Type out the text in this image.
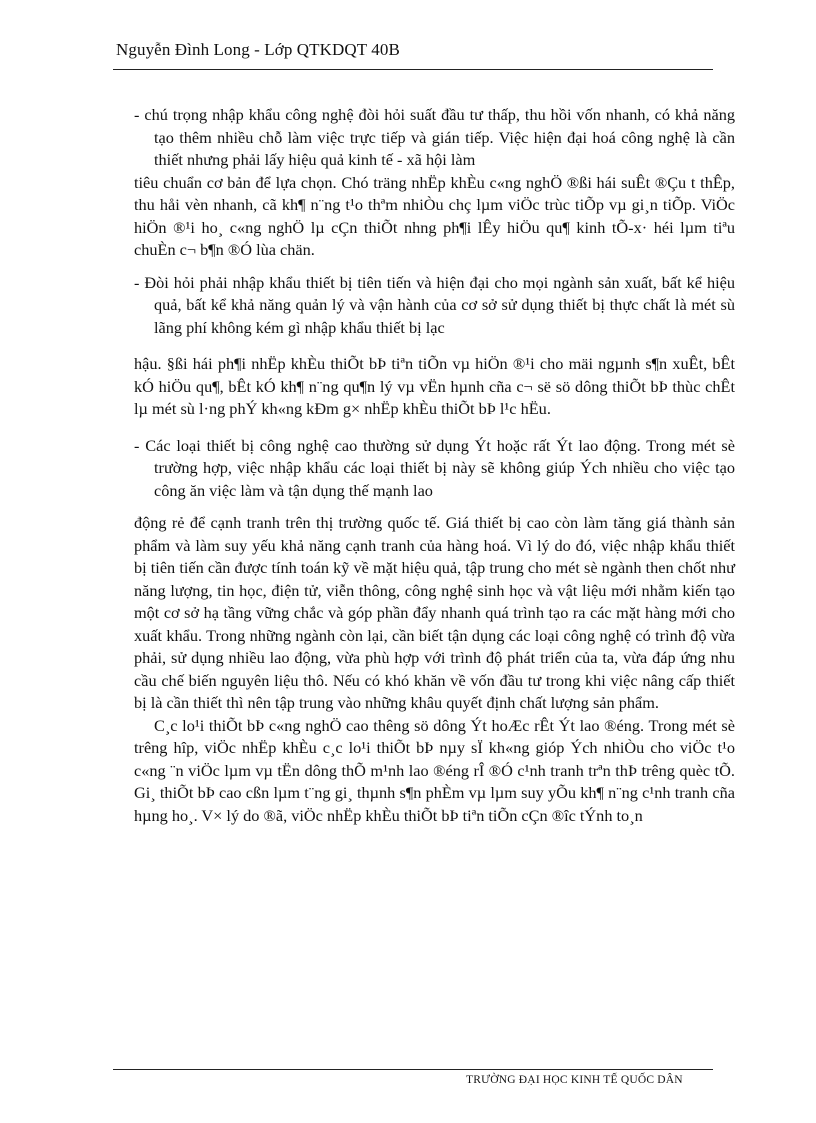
Nguyễn Đình Long - Lớp QTKDQT 40B

- chú trọng nhập khẩu công nghệ đòi hỏi suất đầu tư thấp, thu hồi vốn nhanh, có khả năng tạo thêm nhiều chỗ làm việc trực tiếp và gián tiếp. Việc hiện đại hoá công nghệ là cần thiết nhưng phải lấy hiệu quả kinh tế - xã hội làm

tiêu chuẩn cơ bản để lựa chọn. Chó träng nhËp khÈu c«ng nghÖ ®ßi hái suÊt ®Çu t thÊp, thu håi vèn nhanh, cã kh¶ n¨ng t¹o thªm nhiÒu chç lµm viÖc trùc tiÕp vµ gi¸n tiÕp. ViÖc hiÖn ®¹i ho¸ c«ng nghÖ lµ cÇn thiÕt nhng ph¶i lÊy hiÖu qu¶ kinh tÕ-x· héi lµm tiªu chuÈn c¬ b¶n ®Ó lùa chän.

- Đòi hỏi phải nhập khẩu thiết bị tiên tiến và hiện đại cho mọi ngành sản xuất, bất kể hiệu quả, bất kể khả năng quản lý và vận hành của cơ sở sử dụng thiết bị thực chất là mét sù lãng phí không kém gì nhập khẩu thiết bị lạc

hậu. §ßi hái ph¶i nhËp khÈu thiÕt bÞ tiªn tiÕn vµ hiÖn ®¹i cho mäi ngµnh s¶n xuÊt, bÊt kÓ hiÖu qu¶, bÊt kÓ kh¶ n¨ng qu¶n lý vµ vËn hµnh cña c¬ së sö dông thiÕt bÞ thùc chÊt lµ mét sù l·ng phÝ kh«ng kÐm g× nhËp khÈu thiÕt bÞ l¹c hËu.

- Các loại thiết bị công nghệ cao thường sử dụng Ýt hoặc rất Ýt lao động. Trong mét sè trường hợp, việc nhập khẩu các loại thiết bị này sẽ không giúp Ých nhiều cho việc tạo công ăn việc làm và tận dụng thế mạnh lao

động rẻ để cạnh tranh trên thị trường quốc tế. Giá thiết bị cao còn làm tăng giá thành sản phẩm và làm suy yếu khả năng cạnh tranh của hàng hoá. Vì lý do đó, việc nhập khẩu thiết bị tiên tiến cần được tính toán kỹ về mặt hiệu quả, tập trung cho mét sè ngành then chốt như năng lượng, tin học, điện tử, viễn thông, công nghệ sinh học và vật liệu mới nhằm kiến tạo một cơ sở hạ tầng vững chắc và góp phần đẩy nhanh quá trình tạo ra các mặt hàng mới cho xuất khẩu. Trong những ngành còn lại, cần biết tận dụng các loại công nghệ có trình độ vừa phải, sử dụng nhiều lao động, vừa phù hợp với trình độ phát triển của ta, vừa đáp ứng nhu cầu chế biến nguyên liệu thô. Nếu có khó khăn về vốn đầu tư trong khi việc nâng cấp thiết bị là cần thiết thì nên tập trung vào những khâu quyết định chất lượng sản phẩm.

C¸c lo¹i thiÕt bÞ c«ng nghÖ cao thêng sö dông Ýt hoÆc rÊt Ýt lao ®éng. Trong mét sè trêng hîp, viÖc nhËp khÈu c¸c lo¹i thiÕt bÞ nµy sÏ kh«ng gióp Ých nhiÒu cho viÖc t¹o c«ng ¨n viÖc lµm vµ tËn dông thÕ m¹nh lao ®éng rÎ ®Ó c¹nh tranh trªn thÞ trêng quèc tÕ. Gi¸ thiÕt bÞ cao cßn lµm t¨ng gi¸ thµnh s¶n phÈm vµ lµm suy yÕu kh¶ n¨ng c¹nh tranh cña hµng ho¸. V× lý do ®ã, viÖc nhËp khÈu thiÕt bÞ tiªn tiÕn cÇn ®îc tÝnh to¸n

TRƯỜNG ĐẠI HỌC KINH TẾ QUỐC DÂN
